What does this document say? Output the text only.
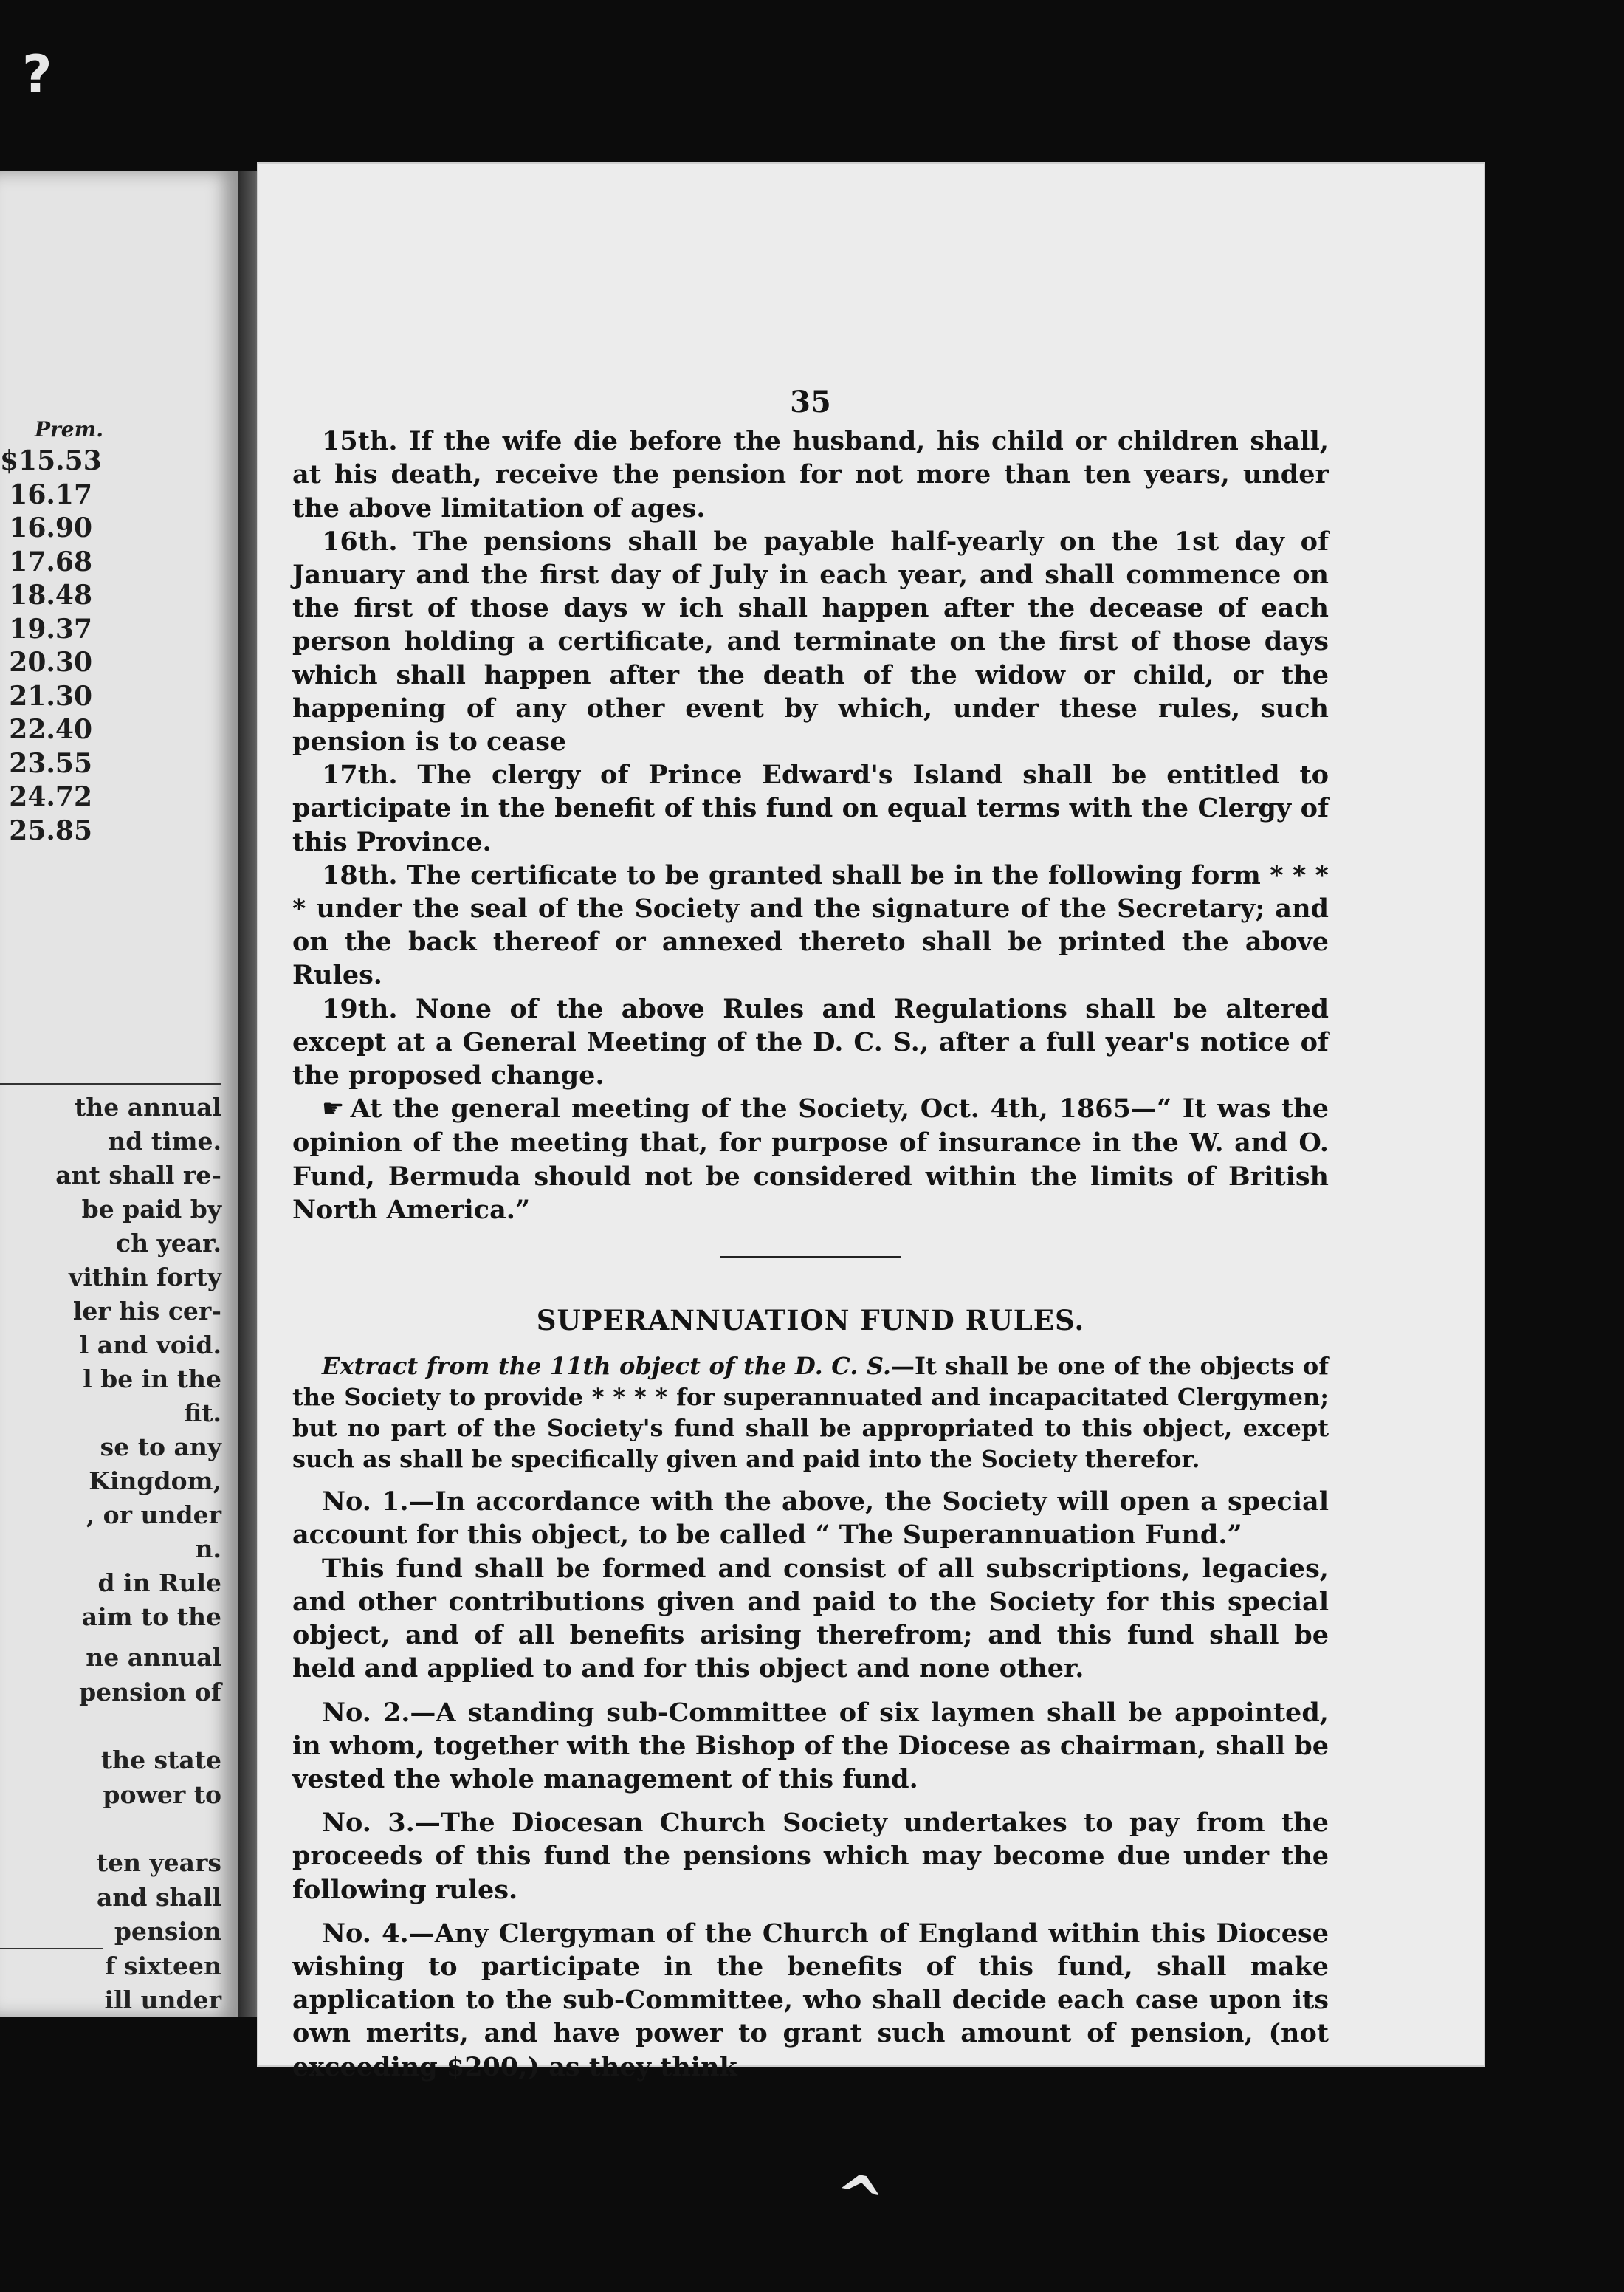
?
Prem.
$15.53
16.17
16.90
17.68
18.48
19.37
20.30
21.30
22.40
23.55
24.72
25.85
the annual
nd time.
ant shall re-
be paid by
ch year.
vithin forty
ler his cer-
l and void.
l be in the
fit.
se to any
Kingdom,
, or under
n.
d in Rule
aim to the
ne annual
pension of
the state
power to
ten years
and shall
pension
f sixteen
ill under
35

15th. If the wife die before the husband, his child or children shall, at his death, receive the pension for not more than ten years, under the above limitation of ages.

16th. The pensions shall be payable half-yearly on the 1st day of January and the first day of July in each year, and shall commence on the first of those days w ich shall happen after the decease of each person holding a certificate, and terminate on the first of those days which shall happen after the death of the widow or child, or the happening of any other event by which, under these rules, such pension is to cease

17th. The clergy of Prince Edward's Island shall be entitled to participate in the benefit of this fund on equal terms with the Clergy of this Province.

18th. The certificate to be granted shall be in the following form * * * * under the seal of the Society and the signature of the Secretary; and on the back thereof or annexed thereto shall be printed the above Rules.

19th. None of the above Rules and Regulations shall be altered except at a General Meeting of the D. C. S., after a full year's notice of the proposed change.

☛ At the general meeting of the Society, Oct. 4th, 1865—“ It was the opinion of the meeting that, for purpose of insurance in the W. and O. Fund, Bermuda should not be considered within the limits of British North America.”

SUPERANNUATION FUND RULES.

Extract from the 11th object of the D. C. S.—It shall be one of the objects of the Society to provide * * * * for superannuated and incapacitated Clergymen; but no part of the Society's fund shall be appropriated to this object, except such as shall be specifically given and paid into the Society therefor.

No. 1.—In accordance with the above, the Society will open a special account for this object, to be called “ The Superannuation Fund.”

This fund shall be formed and consist of all subscriptions, legacies, and other contributions given and paid to the Society for this special object, and of all benefits arising therefrom; and this fund shall be held and applied to and for this object and none other.

No. 2.—A standing sub-Committee of six laymen shall be appointed, in whom, together with the Bishop of the Diocese as chairman, shall be vested the whole management of this fund.

No. 3.—The Diocesan Church Society undertakes to pay from the proceeds of this fund the pensions which may become due under the following rules.

No. 4.—Any Clergyman of the Church of England within this Diocese wishing to participate in the benefits of this fund, shall make application to the sub-Committee, who shall decide each case upon its own merits, and have power to grant such amount of pension, (not exceeding $200,) as they think

^
